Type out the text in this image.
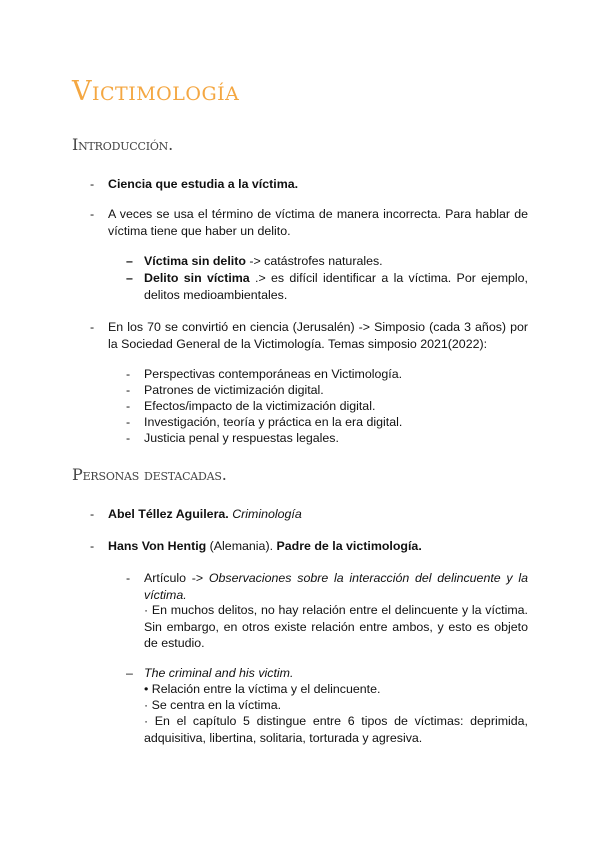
Victimología
Introducción.
- Ciencia que estudia a la víctima.
- A veces se usa el término de víctima de manera incorrecta. Para hablar de víctima tiene que haber un delito.
– Víctima sin delito -> catástrofes naturales.
– Delito sin víctima .> es difícil identificar a la víctima. Por ejemplo, delitos medioambientales.
- En los 70 se convirtió en ciencia (Jerusalén) -> Simposio (cada 3 años) por la Sociedad General de la Victimología. Temas simposio 2021(2022):
- Perspectivas contemporáneas en Victimología.
- Patrones de victimización digital.
- Efectos/impacto de la victimización digital.
- Investigación, teoría y práctica en la era digital.
- Justicia penal y respuestas legales.
Personas destacadas.
- Abel Téllez Aguilera. Criminología
- Hans Von Hentig (Alemania). Padre de la victimología.
- Artículo -> Observaciones sobre la interacción del delincuente y la víctima.
· En muchos delitos, no hay relación entre el delincuente y la víctima. Sin embargo, en otros existe relación entre ambos, y esto es objeto de estudio.
– The criminal and his victim.
• Relación entre la víctima y el delincuente.
· Se centra en la víctima.
· En el capítulo 5 distingue entre 6 tipos de víctimas: deprimida, adquisitiva, libertina, solitaria, torturada y agresiva.
